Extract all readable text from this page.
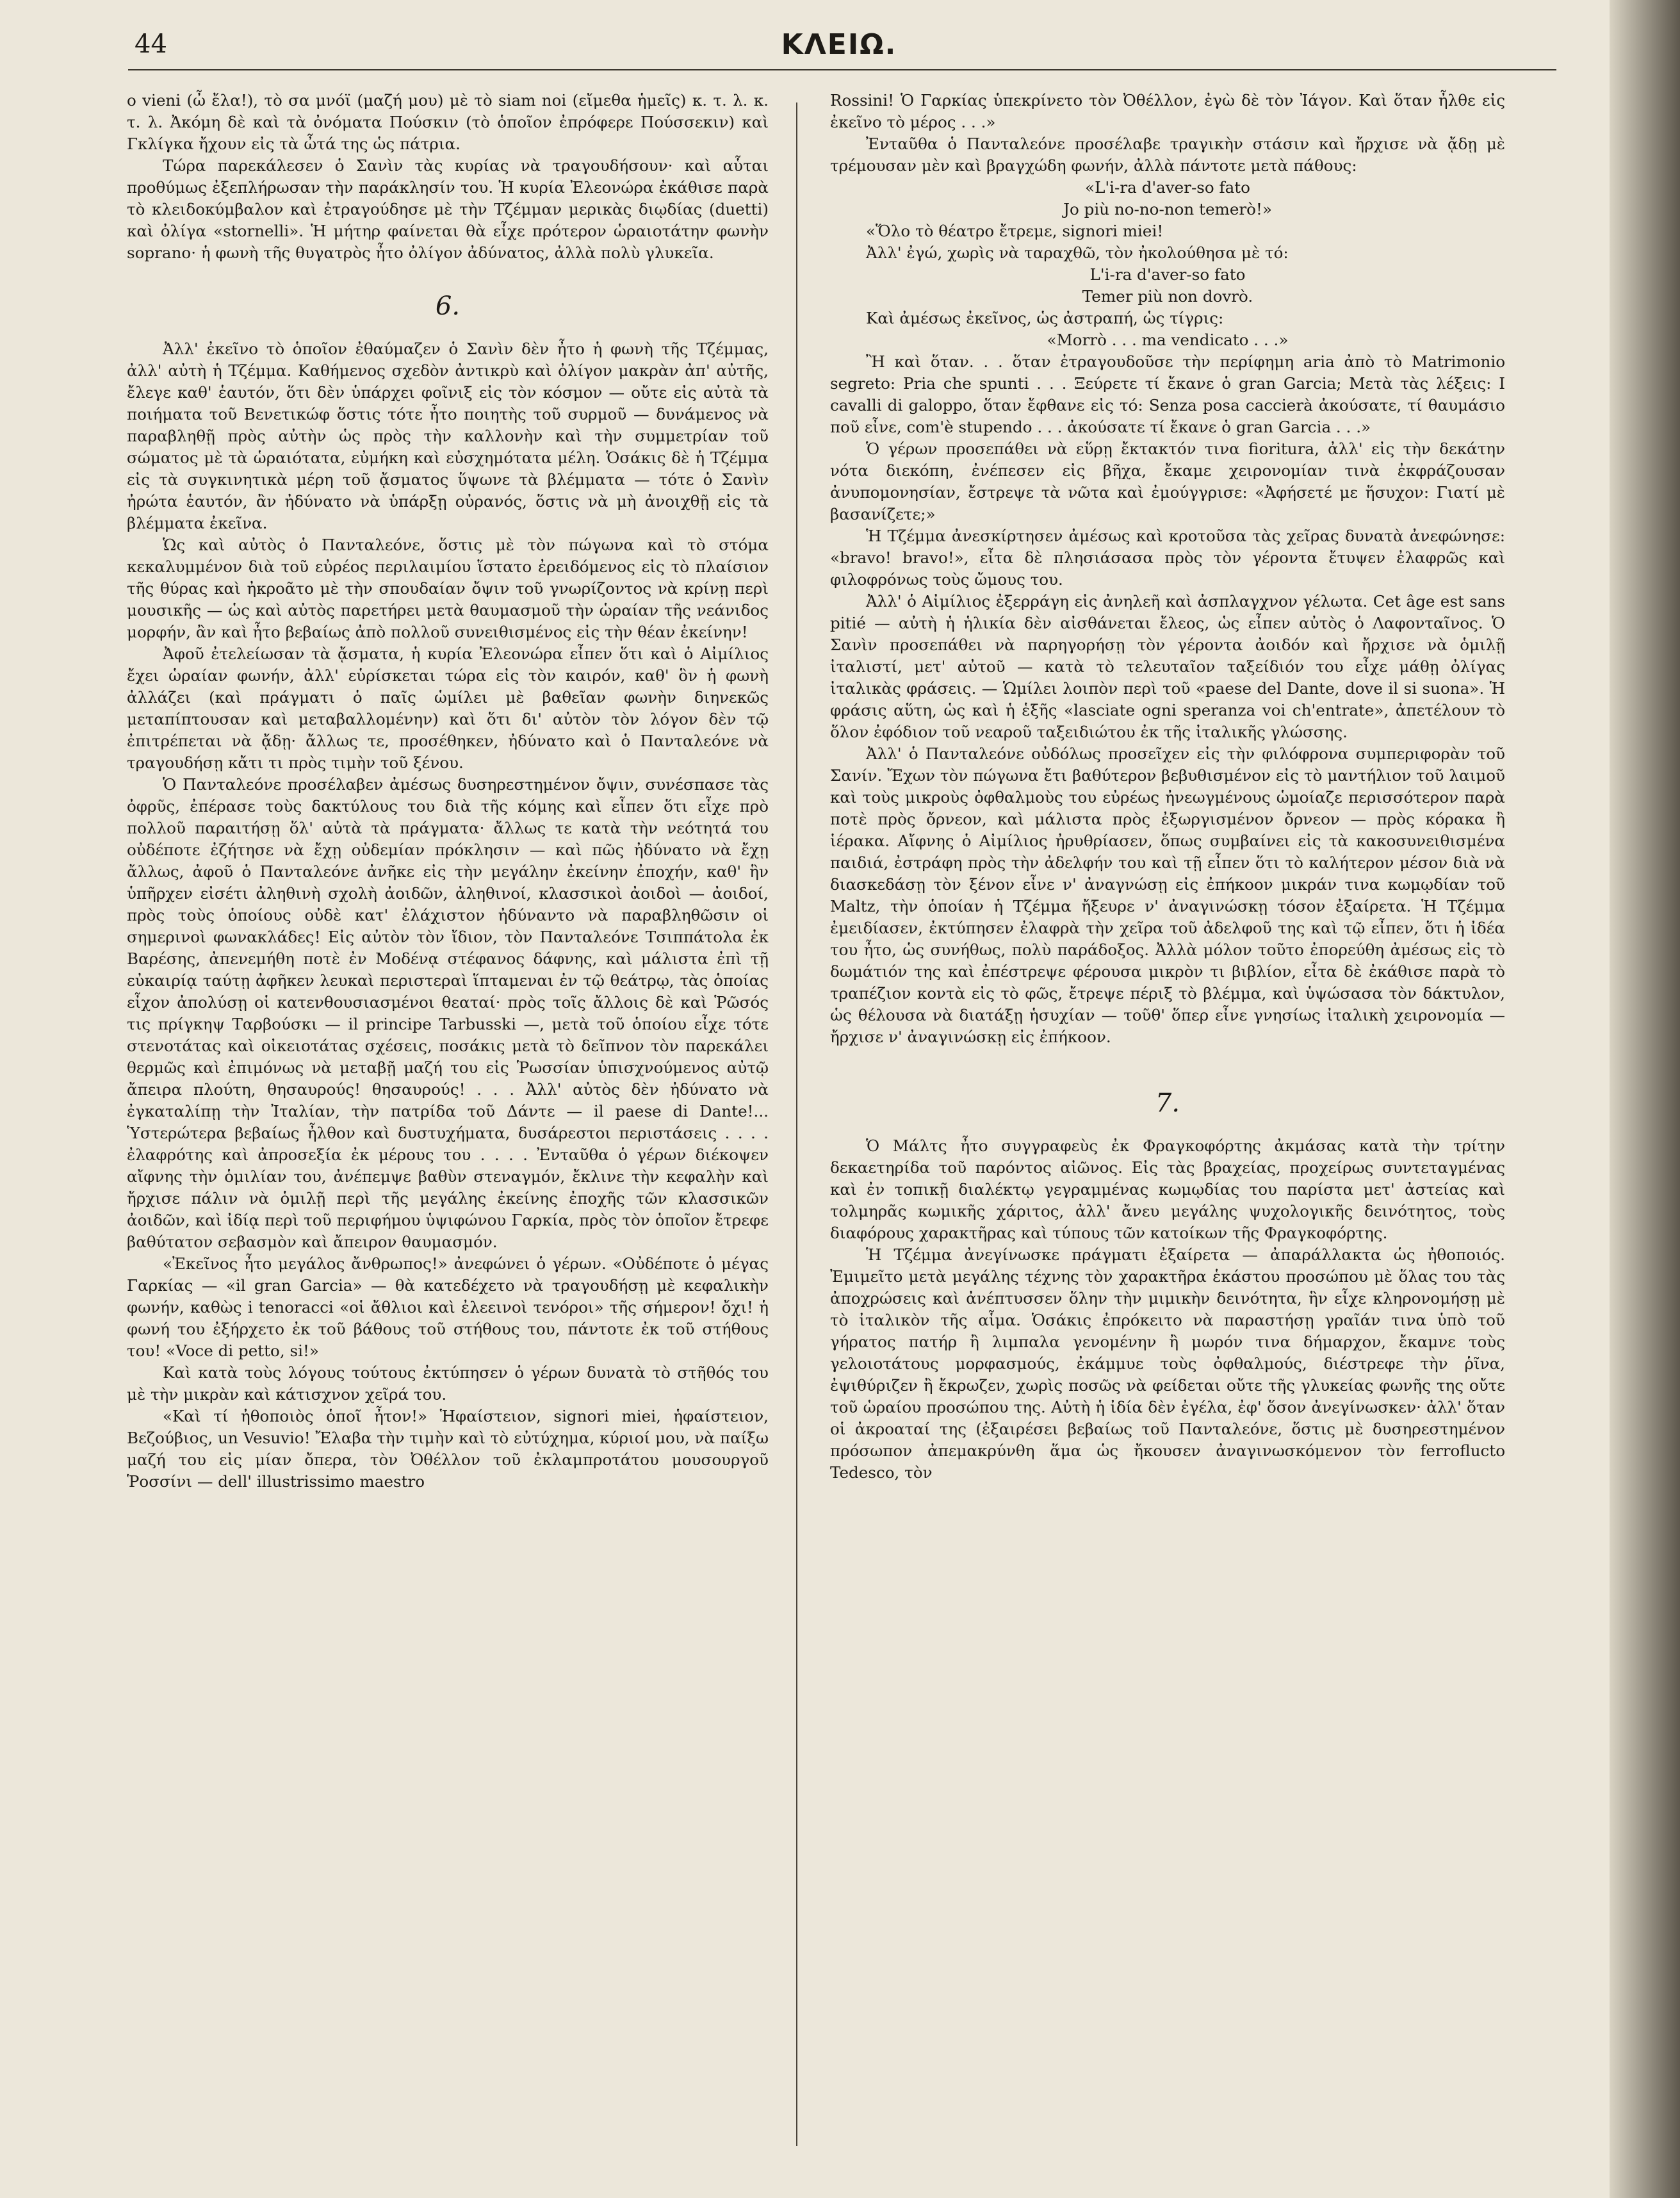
44	ΚΛΕΙΩ.

o vieni (ὦ ἔλα!), τὸ σα μνόϊ (μαζή μου) μὲ τὸ siam noi (εἴμεθα ἡμεῖς) κ. τ. λ. κ. τ. λ. Ἀκόμη δὲ καὶ τὰ ὀνόματα Πούσκιν (τὸ ὁποῖον ἐπρόφερε Πούσσεκιν) καὶ Γκλίγκα ἤχουν εἰς τὰ ὦτά της ὡς πάτρια.

Τώρα παρεκάλεσεν ὁ Σανὶν τὰς κυρίας νὰ τραγουδήσουν· καὶ αὗται προθύμως ἐξεπλήρωσαν τὴν παράκλησίν του. Ἡ κυρία Ἐλεονώρα ἐκάθισε παρὰ τὸ κλειδοκύμβαλον καὶ ἐτραγούδησε μὲ τὴν Τζέμμαν μερικὰς διῳδίας (duetti) καὶ ὀλίγα «stornelli». Ἡ μήτηρ φαίνεται θὰ εἶχε πρότερον ὡραιοτάτην φωνὴν soprano· ἡ φωνὴ τῆς θυγατρὸς ἦτο ὀλίγον ἀδύνατος, ἀλλὰ πολὺ γλυκεῖα.

6.

Ἀλλ' ἐκεῖνο τὸ ὁποῖον ἐθαύμαζεν ὁ Σανὶν δὲν ἦτο ἡ φωνὴ τῆς Τζέμμας, ἀλλ' αὐτὴ ἡ Τζέμμα. Καθήμενος σχεδὸν ἀντικρὺ καὶ ὀλίγον μακρὰν ἀπ' αὐτῆς, ἔλεγε καθ' ἑαυτόν, ὅτι δὲν ὑπάρχει φοῖνιξ εἰς τὸν κόσμον — οὔτε εἰς αὐτὰ τὰ ποιήματα τοῦ Βενετικώφ ὅστις τότε ἦτο ποιητὴς τοῦ συρμοῦ — δυνάμενος νὰ παραβληθῇ πρὸς αὐτὴν ὡς πρὸς τὴν καλλονὴν καὶ τὴν συμμετρίαν τοῦ σώματος μὲ τὰ ὡραιότατα, εὐμήκη καὶ εὐσχημότατα μέλη. Ὁσάκις δὲ ἡ Τζέμμα εἰς τὰ συγκινητικὰ μέρη τοῦ ᾄσματος ὕψωνε τὰ βλέμματα — τότε ὁ Σανὶν ἠρώτα ἑαυτόν, ἂν ἠδύνατο νὰ ὑπάρξῃ οὐρανός, ὅστις νὰ μὴ ἀνοιχθῇ εἰς τὰ βλέμματα ἐκεῖνα.

Ὡς καὶ αὐτὸς ὁ Πανταλεόνε, ὅστις μὲ τὸν πώγωνα καὶ τὸ στόμα κεκαλυμμένον διὰ τοῦ εὐρέος περιλαιμίου ἵστατο ἐρειδόμενος εἰς τὸ πλαίσιον τῆς θύρας καὶ ἠκροᾶτο μὲ τὴν σπουδαίαν ὄψιν τοῦ γνωρίζοντος νὰ κρίνῃ περὶ μουσικῆς — ὡς καὶ αὐτὸς παρετήρει μετὰ θαυμασμοῦ τὴν ὡραίαν τῆς νεάνιδος μορφήν, ἂν καὶ ἦτο βεβαίως ἀπὸ πολλοῦ συνειθισμένος εἰς τὴν θέαν ἐκείνην!

Ἀφοῦ ἐτελείωσαν τὰ ᾄσματα, ἡ κυρία Ἐλεονώρα εἶπεν ὅτι καὶ ὁ Αἰμίλιος ἔχει ὡραίαν φωνήν, ἀλλ' εὑρίσκεται τώρα εἰς τὸν καιρόν, καθ' ὃν ἡ φωνὴ ἀλλάζει (καὶ πράγματι ὁ παῖς ὡμίλει μὲ βαθεῖαν φωνὴν διηνεκῶς μεταπίπτουσαν καὶ μεταβαλλομένην) καὶ ὅτι δι' αὐτὸν τὸν λόγον δὲν τῷ ἐπιτρέπεται νὰ ᾄδῃ· ἄλλως τε, προσέθηκεν, ἠδύνατο καὶ ὁ Πανταλεόνε νὰ τραγουδήσῃ κἄτι τι πρὸς τιμὴν τοῦ ξένου.

Ὁ Πανταλεόνε προσέλαβεν ἀμέσως δυσηρεστημένον ὄψιν, συνέσπασε τὰς ὀφρῦς, ἐπέρασε τοὺς δακτύλους του διὰ τῆς κόμης καὶ εἶπεν ὅτι εἶχε πρὸ πολλοῦ παραιτήσῃ ὅλ' αὐτὰ τὰ πράγματα· ἄλλως τε κατὰ τὴν νεότητά του οὐδέποτε ἐζήτησε νὰ ἔχῃ οὐδεμίαν πρόκλησιν — καὶ πῶς ἠδύνατο νὰ ἔχῃ ἄλλως, ἀφοῦ ὁ Πανταλεόνε ἀνῆκε εἰς τὴν μεγάλην ἐκείνην ἐποχήν, καθ' ἣν ὑπῆρχεν εἰσέτι ἀληθινὴ σχολὴ ἀοιδῶν, ἀληθινοί, κλασσικοὶ ἀοιδοὶ — ἀοιδοί, πρὸς τοὺς ὁποίους οὐδὲ κατ' ἐλάχιστον ἠδύναντο νὰ παραβληθῶσιν οἱ σημερινοὶ φωνακλάδες! Εἰς αὐτὸν τὸν ἴδιον, τὸν Πανταλεόνε Τσιππάτολα ἐκ Βαρέσης, ἀπενεμήθη ποτὲ ἐν Μοδένᾳ στέφανος δάφνης, καὶ μάλιστα ἐπὶ τῇ εὐκαιρίᾳ ταύτῃ ἀφῆκεν λευκαὶ περιστεραὶ ἵπταμεναι ἐν τῷ θεάτρῳ, τὰς ὁποίας εἶχον ἀπολύσῃ οἱ κατενθουσιασμένοι θεαταί· πρὸς τοῖς ἄλλοις δὲ καὶ Ῥῶσός τις πρίγκηψ Ταρβούσκι — il principe Tarbusski —, μετὰ τοῦ ὁποίου εἶχε τότε στενοτάτας καὶ οἰκειοτάτας σχέσεις, ποσάκις μετὰ τὸ δεῖπνον τὸν παρεκάλει θερμῶς καὶ ἐπιμόνως νὰ μεταβῇ μαζή του εἰς Ῥωσσίαν ὑπισχνούμενος αὐτῷ ἄπειρα πλούτη, θησαυρούς! θησαυρούς! . . . Ἀλλ' αὐτὸς δὲν ἠδύνατο νὰ ἐγκαταλίπῃ τὴν Ἰταλίαν, τὴν πατρίδα τοῦ Δάντε — il paese di Dante!... Ὑστερώτερα βεβαίως ἦλθον καὶ δυστυχήματα, δυσάρεστοι περιστάσεις . . . . ἐλαφρότης καὶ ἀπροσεξία ἐκ μέρους του . . . . Ἐνταῦθα ὁ γέρων διέκοψεν αἴφνης τὴν ὁμιλίαν του, ἀνέπεμψε βαθὺν στεναγμόν, ἔκλινε τὴν κεφαλὴν καὶ ἤρχισε πάλιν νὰ ὁμιλῇ περὶ τῆς μεγάλης ἐκείνης ἐποχῆς τῶν κλασσικῶν ἀοιδῶν, καὶ ἰδίᾳ περὶ τοῦ περιφήμου ὑψιφώνου Γαρκία, πρὸς τὸν ὁποῖον ἔτρεφε βαθύτατον σεβασμὸν καὶ ἄπειρον θαυμασμόν.

«Ἐκεῖνος ἦτο μεγάλος ἄνθρωπος!» ἀνεφώνει ὁ γέρων. «Οὐδέποτε ὁ μέγας Γαρκίας — «il gran Garcia» — θὰ κατεδέχετο νὰ τραγουδήσῃ μὲ κεφαλικὴν φωνήν, καθὼς i tenoracci «οἱ ἄθλιοι καὶ ἐλεεινοὶ τενόροι» τῆς σήμερον! ὄχι! ἡ φωνή του ἐξήρχετο ἐκ τοῦ βάθους τοῦ στήθους του, πάντοτε ἐκ τοῦ στήθους του! «Voce di petto, si!»

Καὶ κατὰ τοὺς λόγους τούτους ἐκτύπησεν ὁ γέρων δυνατὰ τὸ στῆθός του μὲ τὴν μικρὰν καὶ κάτισχνον χεῖρά του.

«Καὶ τί ἠθοποιὸς ὁποῖ ἦτον!» Ἡφαίστειον, signori miei, ἡφαίστειον, Βεζούβιος, un Vesuvio! Ἔλαβα τὴν τιμὴν καὶ τὸ εὐτύχημα, κύριοί μου, νὰ παίξω μαζή του εἰς μίαν ὄπερα, τὸν Ὀθέλλον τοῦ ἐκλαμπροτάτου μουσουργοῦ Ῥοσσίνι — dell' illustrissimo maestro

Rossini! Ὁ Γαρκίας ὑπεκρίνετο τὸν Ὀθέλλον, ἐγὼ δὲ τὸν Ἰάγον. Καὶ ὅταν ἦλθε εἰς ἐκεῖνο τὸ μέρος . . .»

Ἐνταῦθα ὁ Πανταλεόνε προσέλαβε τραγικὴν στάσιν καὶ ἤρχισε νὰ ᾄδῃ μὲ τρέμουσαν μὲν καὶ βραγχώδη φωνήν, ἀλλὰ πάντοτε μετὰ πάθους:

«L'i-ra d'aver-so fato

Jo più no-no-non temerò!»

«Ὅλο τὸ θέατρο ἔτρεμε, signori miei!

Ἀλλ' ἐγώ, χωρὶς νὰ ταραχθῶ, τὸν ἠκολούθησα μὲ τό:

L'i-ra d'aver-so fato

Temer più non dovrò.

Καὶ ἀμέσως ἐκεῖνος, ὡς ἀστραπή, ὡς τίγρις:

«Morrò . . . ma vendicato . . .»

Ἢ καὶ ὅταν. . . ὅταν ἐτραγουδοῦσε τὴν περίφημη aria ἀπὸ τὸ Matrimonio segreto: Pria che spunti . . . Ξεύρετε τί ἔκανε ὁ gran Garcia; Μετὰ τὰς λέξεις: I cavalli di galoppo, ὅταν ἔφθανε εἰς τό: Senza posa caccierà ἀκούσατε, τί θαυμάσιο ποῦ εἶνε, com'è stupendo . . . ἀκούσατε τί ἔκανε ὁ gran Garcia . . .»

Ὁ γέρων προσεπάθει νὰ εὕρῃ ἔκτακτόν τινα fioritura, ἀλλ' εἰς τὴν δεκάτην νότα διεκόπη, ἐνέπεσεν εἰς βῆχα, ἔκαμε χειρονομίαν τινὰ ἐκφράζουσαν ἀνυπομονησίαν, ἔστρεψε τὰ νῶτα καὶ ἐμούγγρισε: «Ἀφήσετέ με ἥσυχον: Γιατί μὲ βασανίζετε;»

Ἡ Τζέμμα ἀνεσκίρτησεν ἀμέσως καὶ κροτοῦσα τὰς χεῖρας δυνατὰ ἀνεφώνησε: «bravo! bravo!», εἶτα δὲ πλησιάσασα πρὸς τὸν γέροντα ἔτυψεν ἐλαφρῶς καὶ φιλοφρόνως τοὺς ὤμους του.

Ἀλλ' ὁ Αἰμίλιος ἐξερράγη εἰς ἀνηλεῆ καὶ ἀσπλαγχνον γέλωτα. Cet âge est sans pitié — αὐτὴ ἡ ἡλικία δὲν αἰσθάνεται ἔλεος, ὡς εἶπεν αὐτὸς ὁ Λαφονταῖνος. Ὁ Σανὶν προσεπάθει νὰ παρηγορήσῃ τὸν γέροντα ἀοιδόν καὶ ἤρχισε νὰ ὁμιλῇ ἰταλιστί, μετ' αὐτοῦ — κατὰ τὸ τελευταῖον ταξείδιόν του εἶχε μάθῃ ὀλίγας ἰταλικὰς φράσεις. — Ὡμίλει λοιπὸν περὶ τοῦ «paese del Dante, dove il si suona». Ἡ φράσις αὕτη, ὡς καὶ ἡ ἑξῆς «lasciate ogni speranza voi ch'entrate», ἀπετέλουν τὸ ὅλον ἐφόδιον τοῦ νεαροῦ ταξειδιώτου ἐκ τῆς ἰταλικῆς γλώσσης.

Ἀλλ' ὁ Πανταλεόνε οὐδόλως προσεῖχεν εἰς τὴν φιλόφρονα συμπεριφορὰν τοῦ Σανίν. Ἔχων τὸν πώγωνα ἔτι βαθύτερον βεβυθισμένον εἰς τὸ μαντήλιον τοῦ λαιμοῦ καὶ τοὺς μικροὺς ὀφθαλμοὺς του εὐρέως ἠνεωγμένους ὡμοίαζε περισσότερον παρὰ ποτὲ πρὸς ὄρνεον, καὶ μάλιστα πρὸς ἐξωργισμένον ὄρνεον — πρὸς κόρακα ἢ ἱέρακα. Αἴφνης ὁ Αἰμίλιος ἠρυθρίασεν, ὅπως συμβαίνει εἰς τὰ κακοσυνειθισμένα παιδιά, ἐστράφη πρὸς τὴν ἀδελφήν του καὶ τῇ εἶπεν ὅτι τὸ καλήτερον μέσον διὰ νὰ διασκεδάσῃ τὸν ξένον εἶνε ν' ἀναγνώσῃ εἰς ἐπήκοον μικράν τινα κωμῳδίαν τοῦ Maltz, τὴν ὁποίαν ἡ Τζέμμα ἤξευρε ν' ἀναγινώσκῃ τόσον ἐξαίρετα. Ἡ Τζέμμα ἐμειδίασεν, ἐκτύπησεν ἐλαφρὰ τὴν χεῖρα τοῦ ἀδελφοῦ της καὶ τῷ εἶπεν, ὅτι ἡ ἰδέα του ἦτο, ὡς συνήθως, πολὺ παράδοξος. Ἀλλὰ μόλον τοῦτο ἐπορεύθη ἀμέσως εἰς τὸ δωμάτιόν της καὶ ἐπέστρεψε φέρουσα μικρὸν τι βιβλίον, εἶτα δὲ ἐκάθισε παρὰ τὸ τραπέζιον κοντὰ εἰς τὸ φῶς, ἔτρεψε πέριξ τὸ βλέμμα, καὶ ὑψώσασα τὸν δάκτυλον, ὡς θέλουσα νὰ διατάξῃ ἡσυχίαν — τοῦθ' ὅπερ εἶνε γνησίως ἰταλικὴ χειρονομία — ἤρχισε ν' ἀναγινώσκῃ εἰς ἐπήκοον.

7.

Ὁ Μάλτς ἦτο συγγραφεὺς ἐκ Φραγκοφόρτης ἀκμάσας κατὰ τὴν τρίτην δεκαετηρίδα τοῦ παρόντος αἰῶνος. Εἰς τὰς βραχείας, προχείρως συντεταγμένας καὶ ἐν τοπικῇ διαλέκτῳ γεγραμμένας κωμῳδίας του παρίστα μετ' ἀστείας καὶ τολμηρᾶς κωμικῆς χάριτος, ἀλλ' ἄνευ μεγάλης ψυχολογικῆς δεινότητος, τοὺς διαφόρους χαρακτῆρας καὶ τύπους τῶν κατοίκων τῆς Φραγκοφόρτης.

Ἡ Τζέμμα ἀνεγίνωσκε πράγματι ἐξαίρετα — ἀπαράλλακτα ὡς ἠθοποιός. Ἐμιμεῖτο μετὰ μεγάλης τέχνης τὸν χαρακτῆρα ἑκάστου προσώπου μὲ ὅλας του τὰς ἀποχρώσεις καὶ ἀνέπτυσσεν ὅλην τὴν μιμικὴν δεινότητα, ἣν εἶχε κληρονομήσῃ μὲ τὸ ἰταλικὸν τῆς αἷμα. Ὁσάκις ἐπρόκειτο νὰ παραστήσῃ γραῖάν τινα ὑπὸ τοῦ γήρατος πατήρ ἢ λιμπαλα γενομένην ἢ μωρόν τινα δήμαρχον, ἔκαμνε τοὺς γελοιοτάτους μορφασμούς, ἐκάμμυε τοὺς ὀφθαλμούς, διέστρεφε τὴν ῥῖνα, ἐψιθύριζεν ἢ ἔκρωζεν, χωρὶς ποσῶς νὰ φείδεται οὔτε τῆς γλυκείας φωνῆς της οὔτε τοῦ ὡραίου προσώπου της. Αὐτὴ ἡ ἰδία δὲν ἐγέλα, ἐφ' ὅσον ἀνεγίνωσκεν· ἀλλ' ὅταν οἱ ἀκροαταί της (ἐξαιρέσει βεβαίως τοῦ Πανταλεόνε, ὅστις μὲ δυσηρεστημένον πρόσωπον ἀπεμακρύνθη ἅμα ὡς ἤκουσεν ἀναγινωσκόμενον τὸν ferroflucto Tedesco, τὸν
